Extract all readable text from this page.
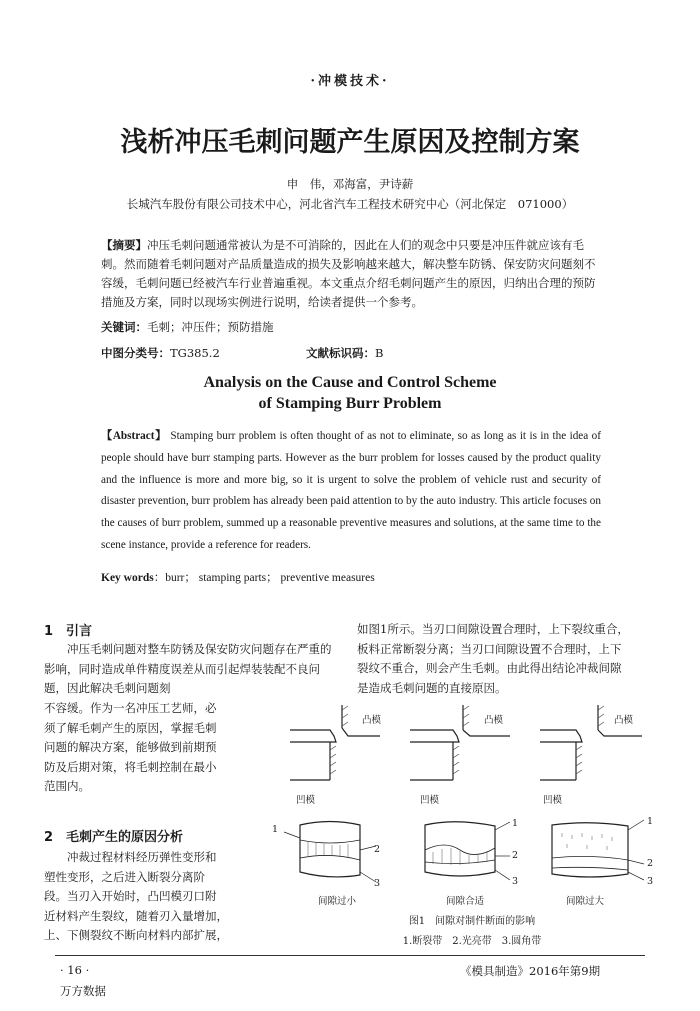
·冲模技术·
浅析冲压毛刺问题产生原因及控制方案
申　伟，邓海富，尹诗薪
长城汽车股份有限公司技术中心，河北省汽车工程技术研究中心（河北保定　071000）
【摘要】冲压毛刺问题通常被认为是不可消除的，因此在人们的观念中只要是冲压件就应该有毛刺。然而随着毛刺问题对产品质量造成的损失及影响越来越大，解决整车防锈、保安防灾问题刻不容缓，毛刺问题已经被汽车行业普遍重视。本文重点介绍毛刺问题产生的原因，归纳出合理的预防措施及方案，同时以现场实例进行说明，给读者提供一个参考。
关键词：毛刺；冲压件；预防措施
中图分类号：TG385.2	文献标识码：B
Analysis on the Cause and Control Scheme
of Stamping Burr Problem
【Abstract】 Stamping burr problem is often thought of as not to eliminate, so as long as it is in the idea of people should have burr stamping parts. However as the burr problem for losses caused by the product quality and the influence is more and more big, so it is urgent to solve the problem of vehicle rust and security of disaster prevention, burr problem has already been paid attention to by the auto industry. This article focuses on the causes of burr problem, summed up a reasonable preventive measures and solutions, at the same time to the scene instance, provide a reference for readers.
Key words：burr； stamping parts； preventive measures
1　引言
冲压毛刺问题对整车防锈及保安防灾问题存在严重的影响，同时造成单件精度误差从而引起焊装装配不良问题，因此解决毛刺问题刻
不容缓。作为一名冲压工艺师，必
须了解毛刺产生的原因，掌握毛刺
问题的解决方案，能够做到前期预
防及后期对策，将毛刺控制在最小
范围内。
2　毛刺产生的原因分析
冲裁过程材料经历弹性变形和
塑性变形，之后进入断裂分离阶
段。当刃入开始时，凸凹模刃口附
近材料产生裂纹，随着刃入量增加，
上、下侧裂纹不断向材料内部扩展，
如图1所示。当刃口间隙设置合理时，上下裂纹重合，
板料正常断裂分离；当刃口间隙设置不合理时，上下
裂纹不重合，则会产生毛刺。由此得出结论冲裁间隙
是造成毛刺问题的直接原因。
凸模	凸模	凸模
凹模	凹模	凹模
1
2
3
1
2
3
1
2
3
间隙过小	间隙合适	间隙过大
图1　间隙对制件断面的影响
1.断裂带　2.光亮带　3.圆角带
· 16 ·	《模具制造》2016年第9期
万方数据
